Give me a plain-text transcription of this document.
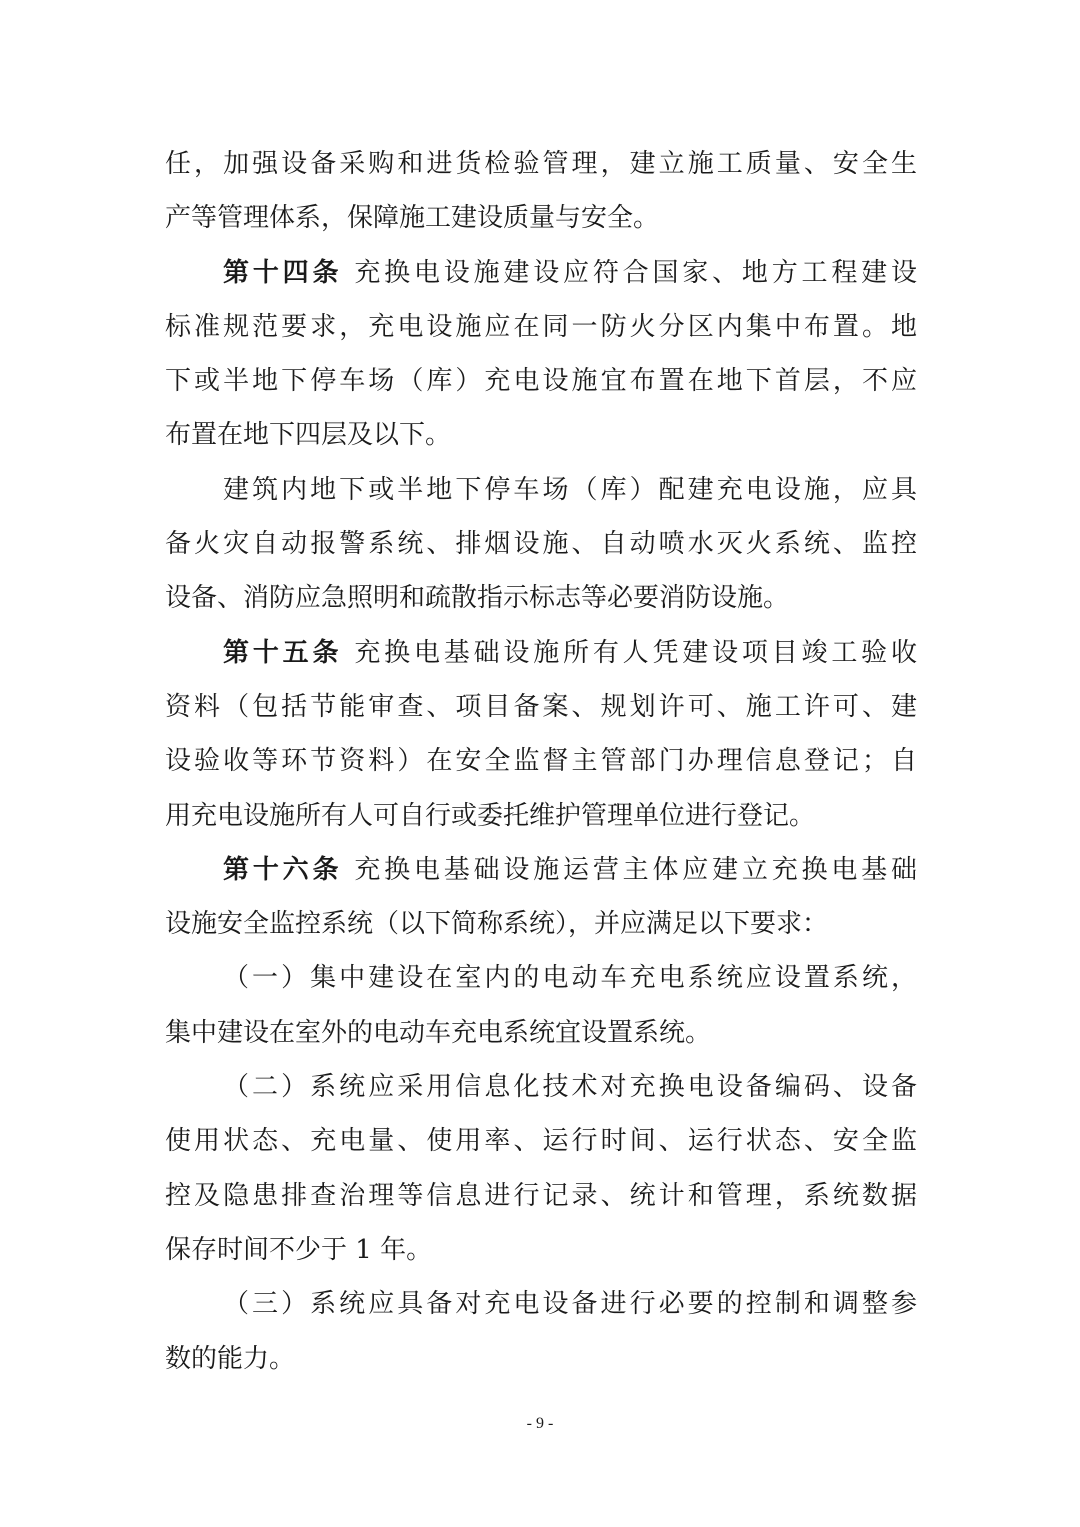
任，加强设备采购和进货检验管理，建立施工质量、安全生
产等管理体系，保障施工建设质量与安全。
第十四条 充换电设施建设应符合国家、地方工程建设
标准规范要求，充电设施应在同一防火分区内集中布置。地
下或半地下停车场（库）充电设施宜布置在地下首层，不应
布置在地下四层及以下。
建筑内地下或半地下停车场（库）配建充电设施，应具
备火灾自动报警系统、排烟设施、自动喷水灭火系统、监控
设备、消防应急照明和疏散指示标志等必要消防设施。
第十五条 充换电基础设施所有人凭建设项目竣工验收
资料（包括节能审查、项目备案、规划许可、施工许可、建
设验收等环节资料）在安全监督主管部门办理信息登记；自
用充电设施所有人可自行或委托维护管理单位进行登记。
第十六条 充换电基础设施运营主体应建立充换电基础
设施安全监控系统（以下简称系统），并应满足以下要求：
（一）集中建设在室内的电动车充电系统应设置系统，
集中建设在室外的电动车充电系统宜设置系统。
（二）系统应采用信息化技术对充换电设备编码、设备
使用状态、充电量、使用率、运行时间、运行状态、安全监
控及隐患排查治理等信息进行记录、统计和管理，系统数据
保存时间不少于 1 年。
（三）系统应具备对充电设备进行必要的控制和调整参
数的能力。
- 9 -
